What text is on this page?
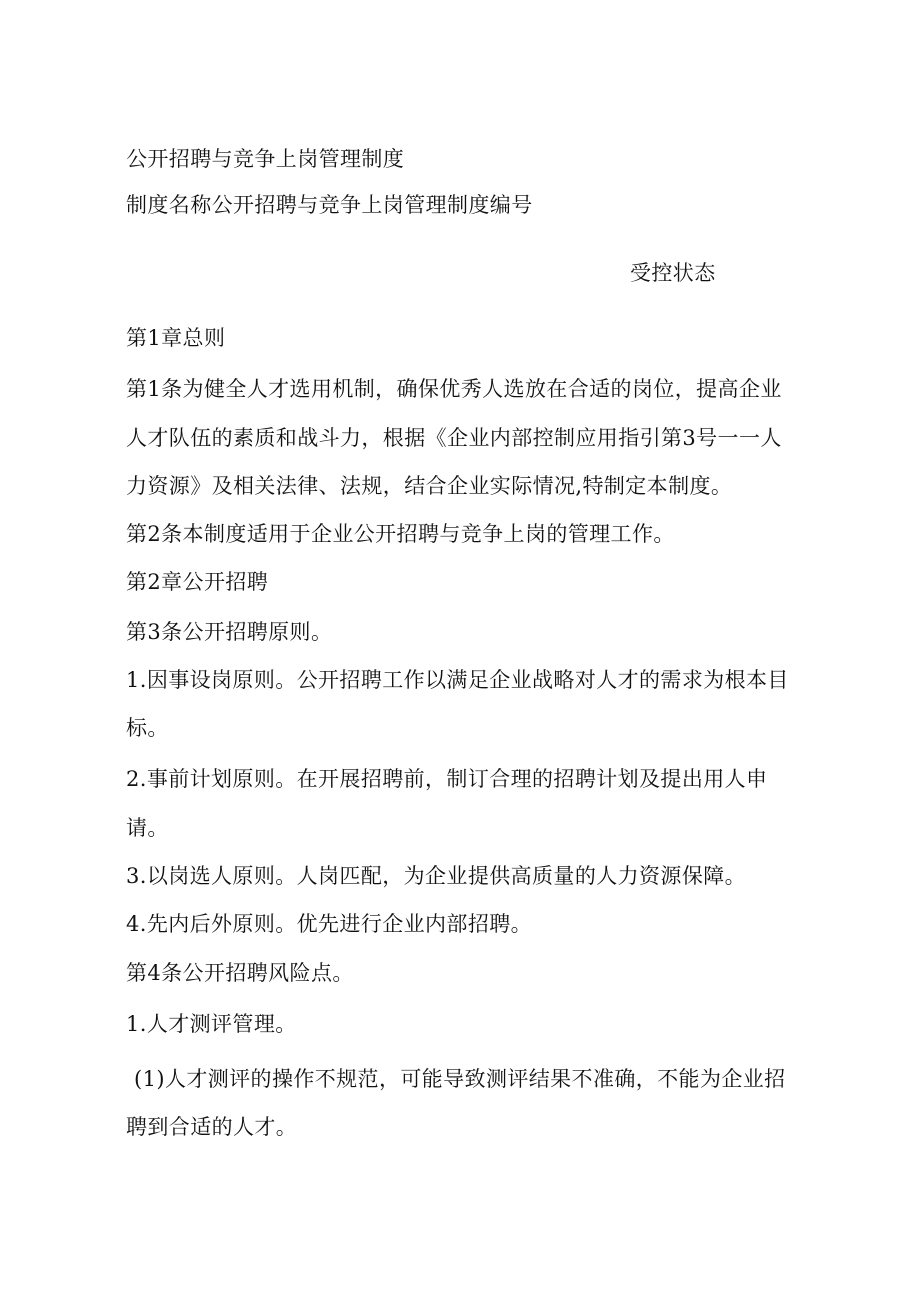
公开招聘与竞争上岗管理制度
制度名称公开招聘与竞争上岗管理制度编号
受控状态
第1章总则
第1条为健全人才选用机制，确保优秀人选放在合适的岗位，提高企业
人才队伍的素质和战斗力，根据《企业内部控制应用指引第3号一一人
力资源》及相关法律、法规，结合企业实际情况,特制定本制度。
第2条本制度适用于企业公开招聘与竞争上岗的管理工作。
第2章公开招聘
第3条公开招聘原则。
1.因事设岗原则。公开招聘工作以满足企业战略对人才的需求为根本目
标。
2.事前计划原则。在开展招聘前，制订合理的招聘计划及提出用人申
请。
3.以岗选人原则。人岗匹配，为企业提供高质量的人力资源保障。
4.先内后外原则。优先进行企业内部招聘。
第4条公开招聘风险点。
1.人才测评管理。
(1)人才测评的操作不规范，可能导致测评结果不准确，不能为企业招
聘到合适的人才。
